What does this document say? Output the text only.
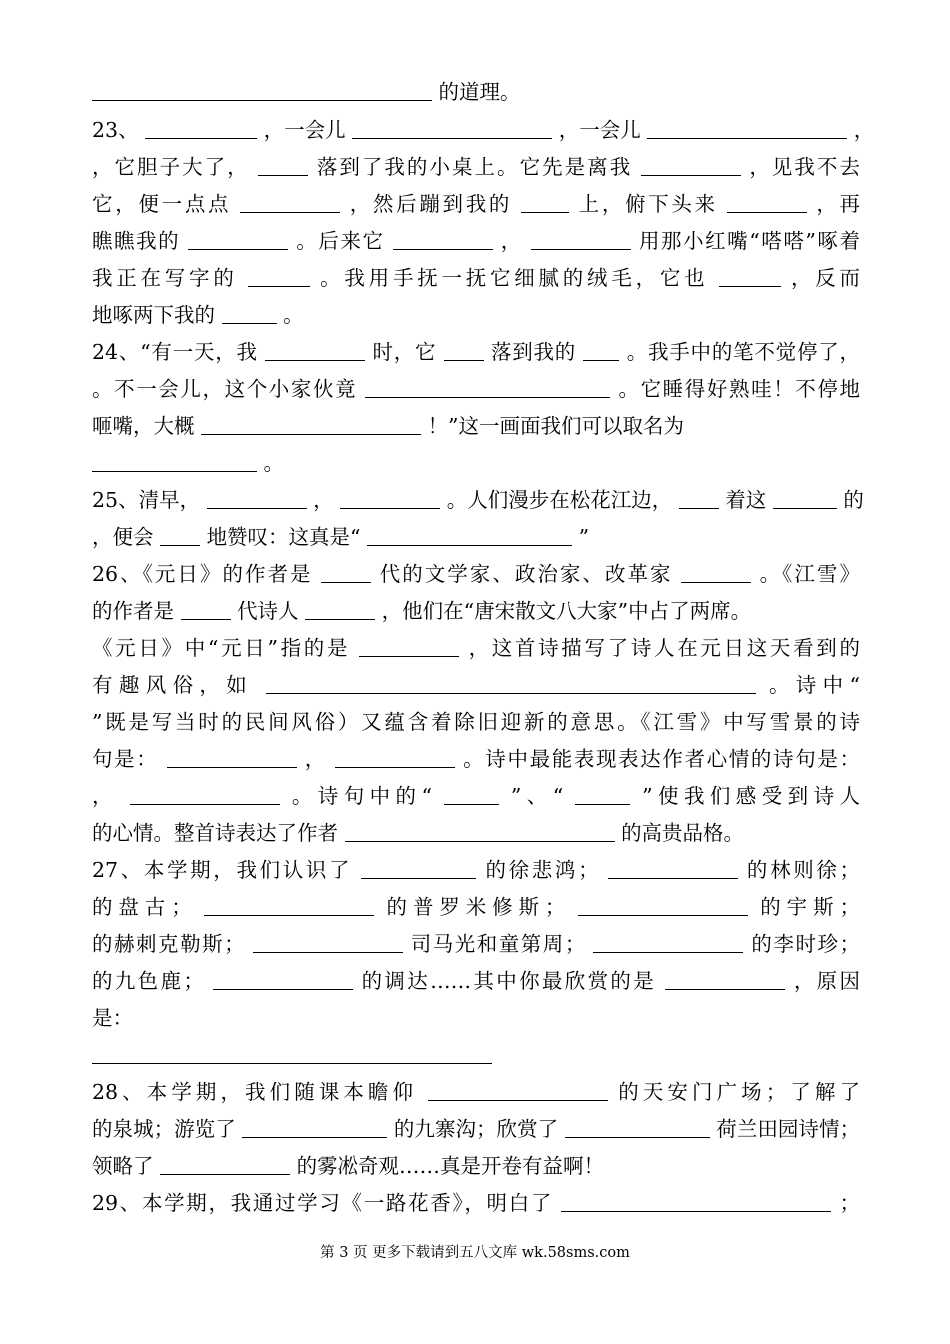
的道理。
23、	，一会儿	，一会儿	，
，它胆子大了，	落到了我的小桌上。它先是离我	，见我不去
它，便一点点	，然后蹦到我的	上，俯下头来	，再
瞧瞧我的	。后来它	，	用那小红嘴“嗒嗒”啄着
我正在写字的	。我用手抚一抚它细腻的绒毛，它也	，反而
地啄两下我的	。
24、“有一天，我	时，它	落到我的 。我手中的笔不觉停了，
。不一会儿，这个小家伙竟	。它睡得好熟哇！不停地
咂嘴，大概	！”这一画面我们可以取名为
。
25、清早，	，	。人们漫步在松花江边，	着这	的
，便会	地赞叹：这真是“	”
26、《元日》的作者是	代的文学家、政治家、改革家	。《江雪》
的作者是	代诗人	，他们在“唐宋散文八大家”中占了两席。
《元日》中“元日”指的是	，这首诗描写了诗人在元日这天看到的
有趣风俗，如	。诗中“
”既是写当时的民间风俗）又蕴含着除旧迎新的意思。《江雪》中写雪景的诗
句是：	，	。诗中最能表现表达作者心情的诗句是：
，	。诗句中的“	”、“	”使我们感受到诗人
的心情。整首诗表达了作者	的高贵品格。
27、本学期，我们认识了	的徐悲鸿；	的林则徐；
的盘古；	的普罗米修斯；	的宇斯；
的赫刺克勒斯；	司马光和童第周；	的李时珍；
的九色鹿；	的调达……其中你最欣赏的是	，原因
是：
28、本学期，我们随课本瞻仰	的天安门广场；了解了
的泉城；游览了	的九寨沟；欣赏了	荷兰田园诗情；
领略了	的雾凇奇观……真是开卷有益啊！
29、本学期，我通过学习《一路花香》，明白了	；
第 3 页 更多下载请到五八文库 wk.58sms.com
